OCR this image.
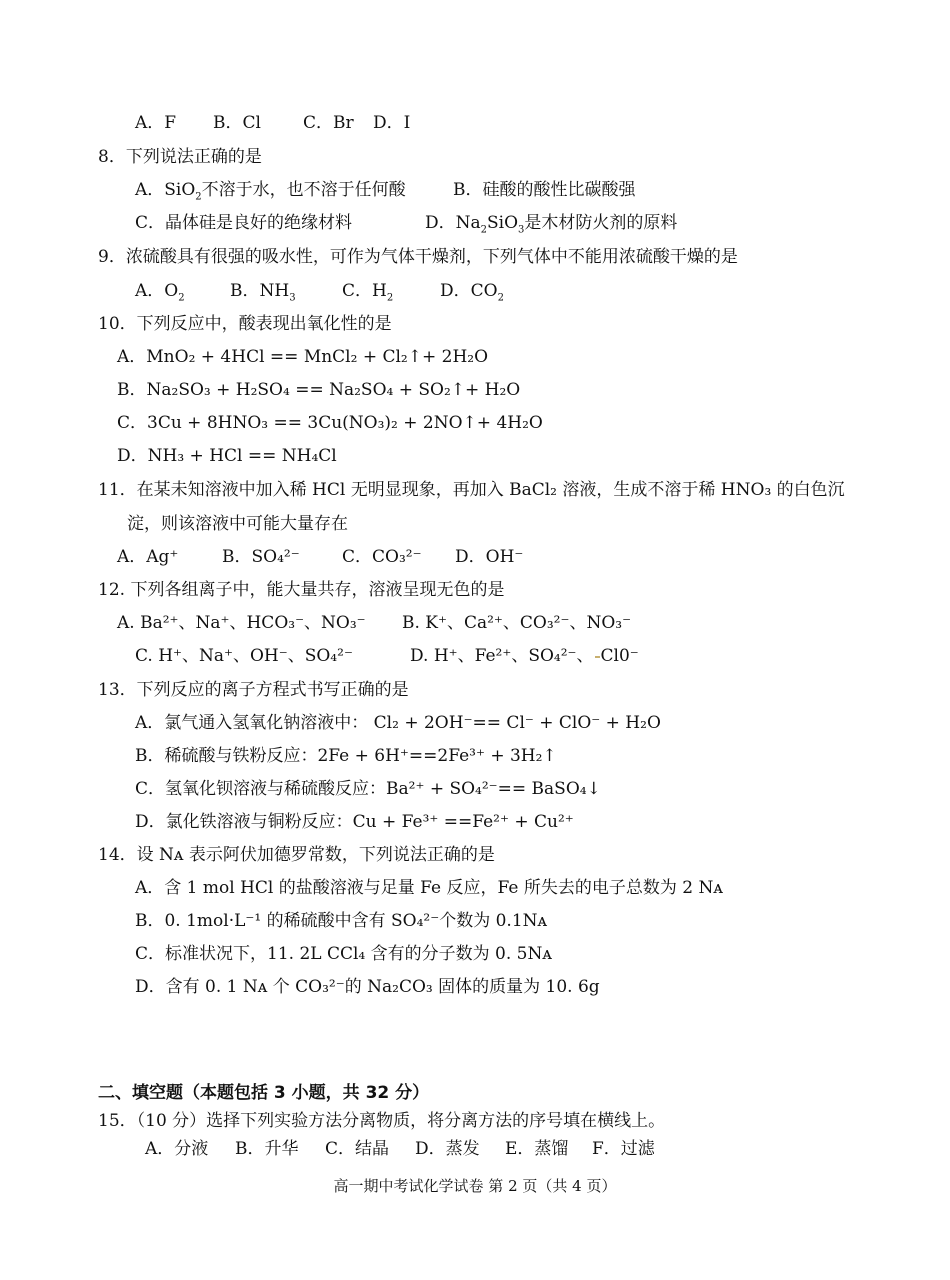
A．F B．Cl C．Br D．I
8．下列说法正确的是
A．SiO$_2$不溶于水，也不溶于任何酸	B．硅酸的酸性比碳酸强
C．晶体硅是良好的绝缘材料	D．$Na_2SiO_3$是木材防火剂的原料
9．浓硫酸具有很强的吸水性，可作为气体干燥剂，下列气体中不能用浓硫酸干燥的是
A．$O_2$	B．$NH_3$	C．$H_2$	D．$CO_2$
10．下列反应中，酸表现出氧化性的是
A．MnO₂ + 4HCl == MnCl₂ + Cl₂↑+ 2H₂O
B．Na₂SO₃ + H₂SO₄ == Na₂SO₄ + SO₂↑+ H₂O
C．3Cu + 8HNO₃ == 3Cu(NO₃)₂ + 2NO↑+ 4H₂O
D．NH₃ + HCl == NH₄Cl
11．在某未知溶液中加入稀 HCl 无明显现象，再加入 BaCl₂ 溶液，生成不溶于稀 HNO₃ 的白色沉
淀，则该溶液中可能大量存在
A．Ag⁺	B．SO₄²⁻ C．CO₃²⁻ D．OH⁻
12. 下列各组离子中，能大量共存，溶液呈现无色的是
A. Ba²⁺、Na⁺、HCO₃⁻、NO₃⁻ B. K⁺、Ca²⁺、CO₃²⁻、NO₃⁻
C. H⁺、Na⁺、OH⁻、SO₄²⁻	D. H⁺、Fe²⁺、SO₄²⁻、 Cl0⁻
13．下列反应的离子方程式书写正确的是
A．氯气通入氢氧化钠溶液中： Cl₂ + 2OH⁻== Cl⁻ + ClO⁻ + H₂O
B．稀硫酸与铁粉反应：2Fe + 6H⁺==2Fe³⁺ + 3H₂↑
C．氢氧化钡溶液与稀硫酸反应：Ba²⁺ + SO₄²⁻== BaSO₄↓
D．氯化铁溶液与铜粉反应：Cu + Fe³⁺ ==Fe²⁺ + Cu²⁺
14．设 Nᴀ 表示阿伏加德罗常数，下列说法正确的是
A．含 1 mol HCl 的盐酸溶液与足量 Fe 反应，Fe 所失去的电子总数为 2 Nᴀ
B．0. 1mol·L⁻¹ 的稀硫酸中含有 SO₄²⁻个数为 0.1Nᴀ
C．标准状况下，11. 2L CCl₄ 含有的分子数为 0. 5Nᴀ
D．含有 0. 1 Nᴀ 个 CO₃²⁻的 Na₂CO₃ 固体的质量为 10. 6g
二、填空题（本题包括 3 小题，共 32 分）
15．（10 分）选择下列实验方法分离物质，将分离方法的序号填在横线上。
A．分液 B．升华 C．结晶 D．蒸发 E．蒸馏 F．过滤
高一期中考试化学试卷 第 2 页（共 4 页）
